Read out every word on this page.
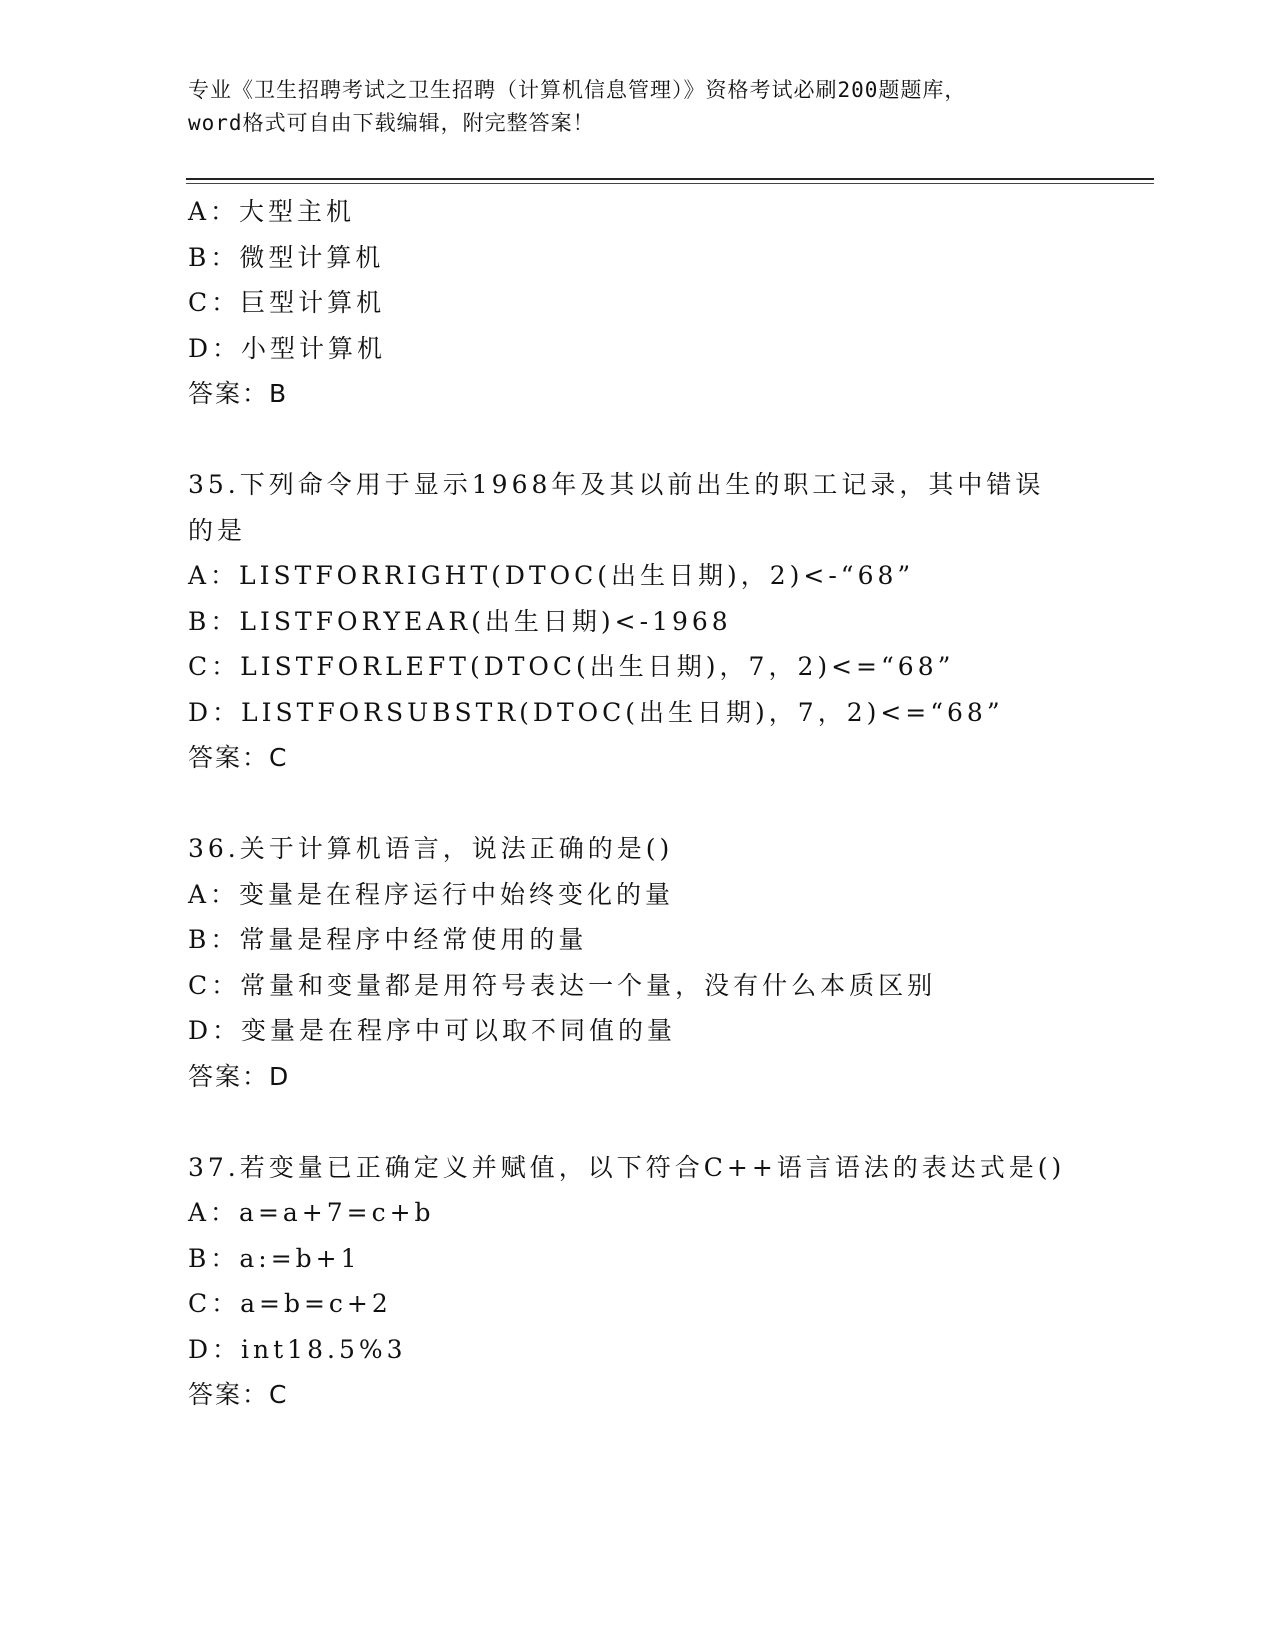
专业《卫生招聘考试之卫生招聘（计算机信息管理）》资格考试必刷200题题库，
word格式可自由下载编辑，附完整答案！
A：大型主机
B：微型计算机
C：巨型计算机
D：小型计算机
答案：B
35.下列命令用于显示1968年及其以前出生的职工记录，其中错误的是
A：LISTFORRIGHT(DTOC(出生日期)，2)<-“68”
B：LISTFORYEAR(出生日期)<-1968
C：LISTFORLEFT(DTOC(出生日期)，7，2)<=“68”
D：LISTFORSUBSTR(DTOC(出生日期)，7，2)<=“68”
答案：C
36.关于计算机语言，说法正确的是()
A：变量是在程序运行中始终变化的量
B：常量是程序中经常使用的量
C：常量和变量都是用符号表达一个量，没有什么本质区别
D：变量是在程序中可以取不同值的量
答案：D
37.若变量已正确定义并赋值，以下符合C++语言语法的表达式是()
A：a=a+7=c+b
B：a:=b+1
C：a=b=c+2
D：int18.5%3
答案：C
